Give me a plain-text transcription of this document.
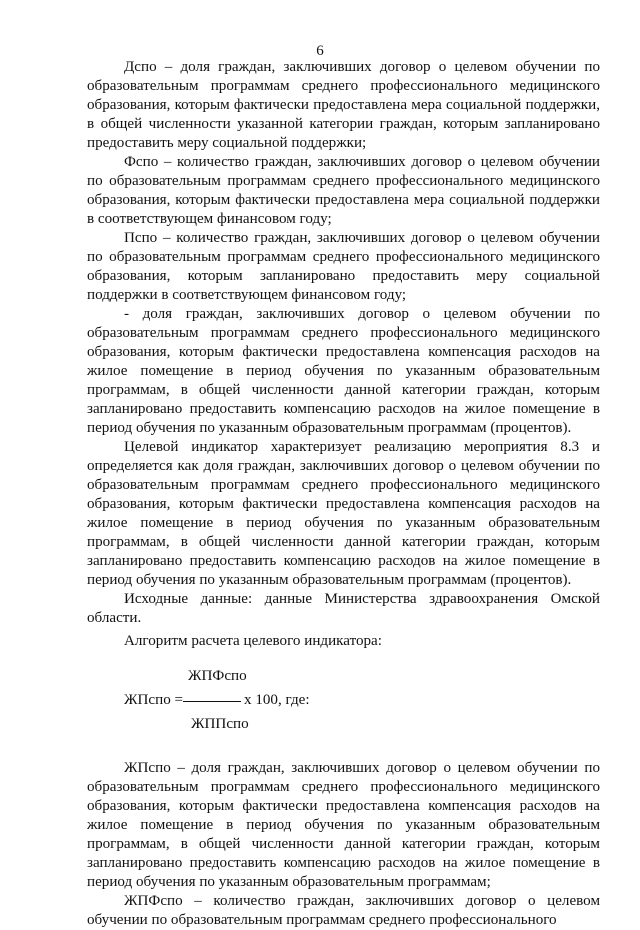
6

Дспо – доля граждан, заключивших договор о целевом обучении по образовательным программам среднего профессионального медицинского образования, которым фактически предоставлена мера социальной поддержки, в общей численности указанной категории граждан, которым запланировано предоставить меру социальной поддержки;

Фспо – количество граждан, заключивших договор о целевом обучении по образовательным программам среднего профессионального медицинского образования, которым фактически предоставлена мера социальной поддержки в соответствующем финансовом году;

Пспо – количество граждан, заключивших договор о целевом обучении по образовательным программам среднего профессионального медицинского образования, которым запланировано предоставить меру социальной поддержки в соответствующем финансовом году;

- доля граждан, заключивших договор о целевом обучении по образовательным программам среднего профессионального медицинского образования, которым фактически предоставлена компенсация расходов на жилое помещение в период обучения по указанным образовательным программам, в общей численности данной категории граждан, которым запланировано предоставить компенсацию расходов на жилое помещение в период обучения по указанным образовательным программам (процентов).

Целевой индикатор характеризует реализацию мероприятия 8.3 и определяется как доля граждан, заключивших договор о целевом обучении по образовательным программам среднего профессионального медицинского образования, которым фактически предоставлена компенсация расходов на жилое помещение в период обучения по указанным образовательным программам, в общей численности данной категории граждан, которым запланировано предоставить компенсацию расходов на жилое помещение в период обучения по указанным образовательным программам (процентов).

Исходные данные: данные Министерства здравоохранения Омской области.

Алгоритм расчета целевого индикатора:

ЖПспо =
ЖПФспо
ЖППспо
х 100, где:

ЖПспо – доля граждан, заключивших договор о целевом обучении по образовательным программам среднего профессионального медицинского образования, которым фактически предоставлена компенсация расходов на жилое помещение в период обучения по указанным образовательным программам, в общей численности данной категории граждан, которым запланировано предоставить компенсацию расходов на жилое помещение в период обучения по указанным образовательным программам;

ЖПФспо – количество граждан, заключивших договор о целевом обучении по образовательным программам среднего профессионального
